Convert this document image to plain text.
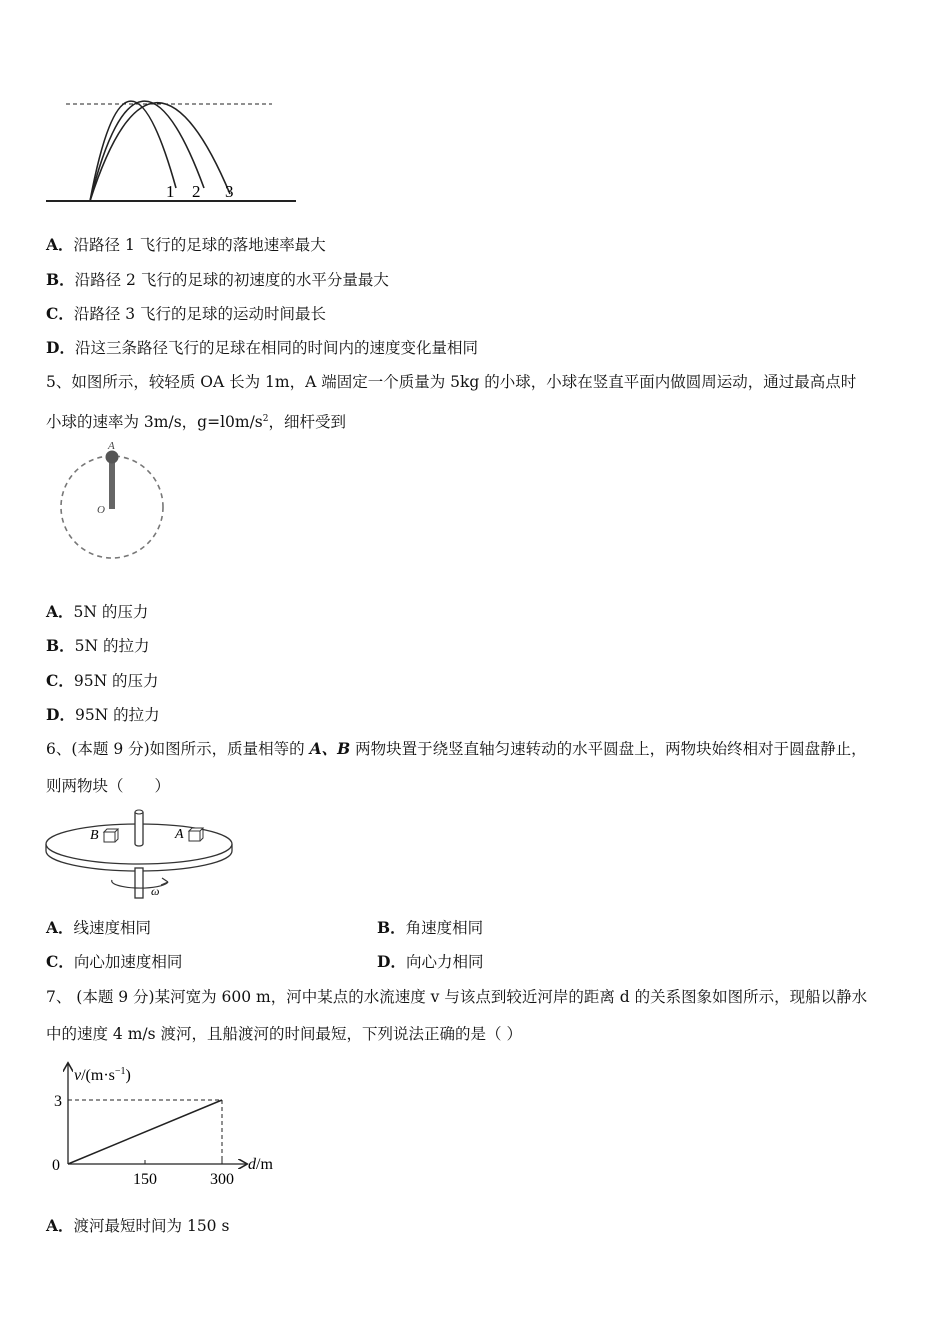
1 2 3
A．沿路径 1 飞行的足球的落地速率最大
B．沿路径 2 飞行的足球的初速度的水平分量最大
C．沿路径 3 飞行的足球的运动时间最长
D．沿这三条路径飞行的足球在相同的时间内的速度变化量相同
5、如图所示，较轻质 OA 长为 1m，A 端固定一个质量为 5kg 的小球，小球在竖直平面内做圆周运动，通过最高点时
小球的速率为 3m/s，$g=l0m/s^2$，细杆受到
A
O
A．5N 的压力
B．5N 的拉力
C．95N 的压力
D．95N 的拉力
6、(本题 9 分)如图所示，质量相等的 A、B 两物块置于绕竖直轴匀速转动的水平圆盘上，两物块始终相对于圆盘静止，
则两物块（　　）
ω
B	A
A．线速度相同	B．角速度相同
C．向心加速度相同	D．向心力相同
7、 (本题 9 分)某河宽为 600 m，河中某点的水流速度 v 与该点到较近河岸的距离 d 的关系图象如图所示，现船以静水
中的速度 4 m/s 渡河，且船渡河的时间最短，下列说法正确的是（ ）
$v/(m\cdot s^{-1})$
d/m
0
150	300
3
A．渡河最短时间为 150 s
